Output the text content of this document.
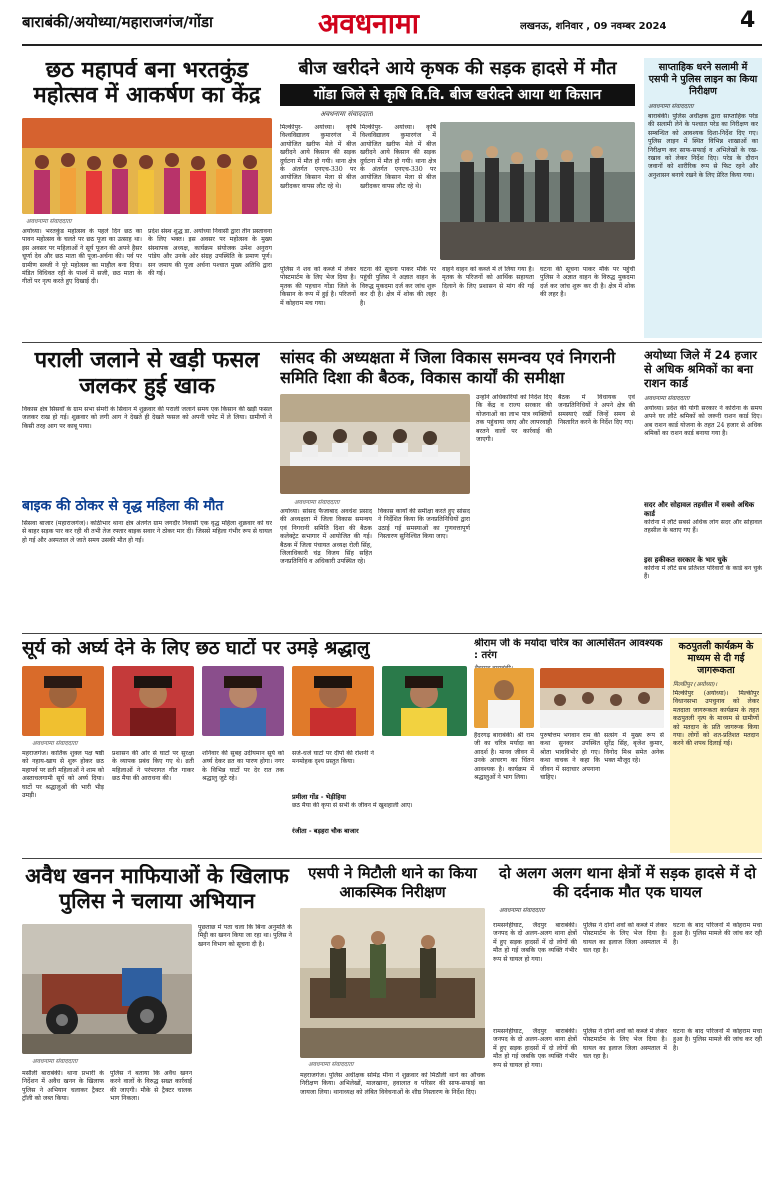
बाराबंकी/अयोध्या/महाराजगंज/गोंडा	अवधनामा	लखनऊ, शनिवार , 09 नवम्बर 2024	4
छठ महापर्व बना भरतकुंड महोत्सव में आकर्षण का केंद्र
अवधनामा संवाददाता
अयोध्या। भरतकुंड महोत्सव के पहले दिन छठ का पावन महोत्सव के चलते पर छठ पूजा का उत्साह था। इस अवसर पर महिलाओं ने सूर्य पूजन की अपने हैसर चूर्णा देव और छठ माता की पूजा-अर्चना की। पर्व पर ग्रामीण सब्जी ने पूरे महोत्सव का माहौल बना दिया। मंडित विधिवत रही के पार्श्व में सजी, छठ माता के गीतों पर नृत्य करते हुए दिखाई दी।
प्रदेश संस्थ शुद्ध डा. अयोध्या निवासी द्वारा तीन प्रस्तावना के लिए भक्त। इस अवसर पर महोत्सव के मुख्य संस्थापक अध्यक्ष, कार्यक्रम संयोजक उमेश अनुराग पांडेय और उनके ओर संग्रह उपस्थिति के प्रमाण पूर्ण। सन जमाय की पूजा अर्चना पश्चात मुख्य अतिथि द्वारा की गई।
बीज खरीदने आये कृषक की सड़क हादसे में मौत
गोंडा जिले से कृषि वि.वि. बीज खरीदने आया था किसान
अवधनामा संवाददाता
मिल्कीपुर- अयोध्या। कृषि विश्वविद्यालय कुमारगंज में आयोजित खरीफ मेले में बीज खरीदने आये किसान की सड़क दुर्घटना में मौत हो गयी। थाना क्षेत्र के अंतर्गत एनएच-330 पर आयोजित किसान मेला से बीज खरीदकर वापस लौट रहे थे।
मिल्कीपुर- अयोध्या। कृषि विश्वविद्यालय कुमारगंज में आयोजित खरीफ मेले में बीज खरीदने आये किसान की सड़क दुर्घटना में मौत हो गयी। थाना क्षेत्र के अंतर्गत एनएच-330 पर आयोजित किसान मेला से बीज खरीदकर वापस लौट रहे थे।
पुलिस ने शव को कब्जे में लेकर पोस्टमार्टम के लिए भेज दिया है। मृतक की पहचान गोंडा जिले के किसान के रूप में हुई है। परिजनों में कोहराम मच गया।
घटना की सूचना पाकर मौके पर पहुंची पुलिस ने अज्ञात वाहन के विरुद्ध मुकदमा दर्ज कर जांच शुरू कर दी है। क्षेत्र में शोक की लहर है।
वाहने वाहन को कब्जे में ले लिया गया है। मृतक के परिजनों को आर्थिक सहायता दिलाने के लिए प्रशासन से मांग की गई है।
घटना की सूचना पाकर मौके पर पहुंची पुलिस ने अज्ञात वाहन के विरुद्ध मुकदमा दर्ज कर जांच शुरू कर दी है। क्षेत्र में शोक की लहर है।
साप्ताहिक धरने सलामी में एसपी ने पुलिस लाइन का किया निरीक्षण
अवधनामा संवाददाता
बाराबंकी। पुलिस अधीक्षक द्वारा साप्ताहिक परेड की सलामी लेने के पश्चात परेड का निरीक्षण कर सम्बन्धित को आवश्यक दिशा-निर्देश दिए गए। पुलिस लाइन में स्थित विभिन्न शाखाओं का निरीक्षण कर साफ-सफाई व अभिलेखों के रख-रखाव को लेकर निर्देश दिए। परेड के दौरान जवानों को शारीरिक रूप से फिट रहने और अनुशासन बनाये रखने के लिए प्रेरित किया गया।
पराली जलाने से खड़ी फसल जलकर हुई खाक
विकास क्षेत्र सिसवाँ के ग्राम सभा सेमरी के सिवान में शुक्रवार की पराली जलाने समय एक किसान की खड़ी फसल जलकर राख हो गई। शुक्रवार को लगी आग ने देखते ही देखते फसल को अपनी चपेट में ले लिया। ग्रामीणों ने किसी तरह आग पर काबू पाया।
बाइक की ठोकर से वृद्ध महिला की मौत
सिसवा बाजार (महाराजगंज)। कोठीभार थाना क्षेत्र अंतर्गत ग्राम जगदौर निवासी एक वृद्ध महिला शुक्रवार को घर से बाहर सड़क पार कर रही थी तभी तेज रफ्तार बाइक सवार ने ठोकर मार दी। जिससे महिला गंभीर रूप से घायल हो गई और अस्पताल ले जाते समय उसकी मौत हो गई।
सांसद की अध्यक्षता में जिला विकास समन्वय एवं निगरानी समिति दिशा की बैठक, विकास कार्यों की समीक्षा
अवधनामा संवाददाता
अयोध्या। सांसद फैजाबाद अवधेश प्रसाद की अध्यक्षता में जिला विकास समन्वय एवं निगरानी समिति दिशा की बैठक कलेक्ट्रेट सभागार में आयोजित की गई। बैठक में जिला पंचायत अध्यक्ष रोली सिंह, जिलाधिकारी चंद्र विजय सिंह सहित जनप्रतिनिधि व अधिकारी उपस्थित रहे।
विकास कार्यों की समीक्षा करते हुए सांसद ने निर्देशित किया कि जनप्रतिनिधियों द्वारा उठाई गई समस्याओं का गुणवत्तापूर्ण निस्तारण सुनिश्चित किया जाए।
उन्होंने अधिकारियों को निर्देश दिए कि केंद्र व राज्य सरकार की योजनाओं का लाभ पात्र व्यक्तियों तक पहुंचाया जाए और लापरवाही बरतने वालों पर कार्रवाई की जाएगी।
बैठक में विधायक एवं जनप्रतिनिधियों ने अपने क्षेत्र की समस्याएं रखीं जिन्हें समय से निस्तारित करने के निर्देश दिए गए।
अयोध्या जिले में 24 हजार से अधिक श्रमिकों का बना राशन कार्ड
अवधनामा संवाददाता
अयोध्या। प्रदेश की योगी सरकार ने कोरोना के समय अपने घर लौटे श्रमिकों को जरूरी राशन कार्ड दिए। अब राशन कार्ड योजना के तहत 24 हजार से अधिक श्रमिकों का राशन कार्ड बनाया गया है।
सदर और सोहावल तहसील में सबसे अधिक कार्ड
कोरोना में लौटे सबसे अधिक लोग सदर और सोहावल तहसील के बताए गए हैं।
इस हकीकत सरकार के भार चुके
कोरोना में लौटे सब प्रतिशत परिवारों के कार्ड बन चुके हैं।
सूर्य को अर्घ्य देने के लिए छठ घाटों पर उमड़े श्रद्धालु
अवधनामा संवाददाता
महराजगंज। कार्तिक शुक्ल पक्ष षष्ठी को नहाय-खाय से शुरू होकर छठ महापर्व पर व्रती महिलाओं ने शाम को अस्ताचलगामी सूर्य को अर्घ्य दिया। घाटों पर श्रद्धालुओं की भारी भीड़ उमड़ी।
प्रशासन की ओर से घाटों पर सुरक्षा के व्यापक प्रबंध किए गए थे। व्रती महिलाओं ने परंपरागत गीत गाकर छठ मैया की आराधना की।
शनिवार की सुबह उदीयमान सूर्य को अर्घ्य देकर व्रत का पारण होगा। नगर के विभिन्न घाटों पर देर रात तक श्रद्धालु जुटे रहे।
सजे-धजे घाटों पर दीपों की रोशनी ने मनमोहक दृश्य प्रस्तुत किया।
प्रमीला गोंड - भेड़ीहिया
छठ मैया की कृपा से सभी के जीवन में खुशहाली आए।
रंजीता - बड़हरा चौक बाजार
श्रीराम जी के मर्यादा चरित्र का आत्मसिंतन आवश्यक : तरंग
हैदरगढ़ बाराबंकी। श्री राम जी का चरित्र मर्यादा का आदर्श है। मानव जीवन में उनके आचरण का चिंतन आवश्यक है। कार्यक्रम में श्रद्धालुओं ने भाग लिया।
पुरुषोत्तम भगवान राम की कथा सुनकर उपस्थित श्रोता भावविभोर हो गए। कथा वाचक ने कहा कि जीवन में सदाचार अपनाना चाहिए।
सत्संग में मुख्य रूप से सुरेंद्र सिंह, बृजेश कुमार, विनोद मिश्र समेत अनेक भक्त मौजूद रहे।
कठपुतली कार्यक्रम के माध्यम से दी गई जागरूकता
मिल्कीपुर (अयोध्या)।
मिल्कीपुर (अयोध्या)। मिल्कीपुर विधानसभा उपचुनाव को लेकर मतदाता जागरूकता कार्यक्रम के तहत कठपुतली नृत्य के माध्यम से ग्रामीणों को मतदान के प्रति जागरूक किया गया। लोगों को शत-प्रतिशत मतदान करने की शपथ दिलाई गई।
अवैध खनन माफियाओं के खिलाफ पुलिस ने चलाया अभियान
अवधनामा संवाददाता
मसौली बाराबंकी। थाना प्रभारी के निर्देशन में अवैध खनन के खिलाफ पुलिस ने अभियान चलाकर ट्रैक्टर ट्रॉली को जब्त किया।
पुलिस ने बताया कि अवैध खनन करने वालों के विरुद्ध सख्त कार्रवाई की जाएगी। मौके से ट्रैक्टर चालक भाग निकला।
पूछताछ में पता चला कि बिना अनुमति के मिट्टी का खनन किया जा रहा था। पुलिस ने खनन विभाग को सूचना दी है।
एसपी ने मिटौली थाने का किया आकस्मिक निरीक्षण
अवधनामा संवाददाता
महराजगंज। पुलिस अधीक्षक सोमेंद्र मीना ने शुक्रवार को मिठौली थाने का औचक निरीक्षण किया। अभिलेखों, मालखाना, हवालात व परिसर की साफ-सफाई का जायजा लिया। थानाध्यक्ष को लंबित विवेचनाओं के शीघ्र निस्तारण के निर्देश दिए।
दो अलग अलग थाना क्षेत्रों में सड़क हादसे में दो की दर्दनाक मौत एक घायल
अवधनामा संवाददाता
रामसनेहीघाट, जैदपुर बाराबंकी। जनपद के दो अलग-अलग थाना क्षेत्रों में हुए सड़क हादसों में दो लोगों की मौत हो गई जबकि एक व्यक्ति गंभीर रूप से घायल हो गया।
पुलिस ने दोनों शवों को कब्जे में लेकर पोस्टमार्टम के लिए भेज दिया है। घायल का इलाज जिला अस्पताल में चल रहा है।
घटना के बाद परिजनों में कोहराम मचा हुआ है। पुलिस मामले की जांच कर रही है।
रामसनेहीघाट, जैदपुर बाराबंकी। जनपद के दो अलग-अलग थाना क्षेत्रों में हुए सड़क हादसों में दो लोगों की मौत हो गई जबकि एक व्यक्ति गंभीर रूप से घायल हो गया।
पुलिस ने दोनों शवों को कब्जे में लेकर पोस्टमार्टम के लिए भेज दिया है। घायल का इलाज जिला अस्पताल में चल रहा है।
घटना के बाद परिजनों में कोहराम मचा हुआ है। पुलिस मामले की जांच कर रही है।
